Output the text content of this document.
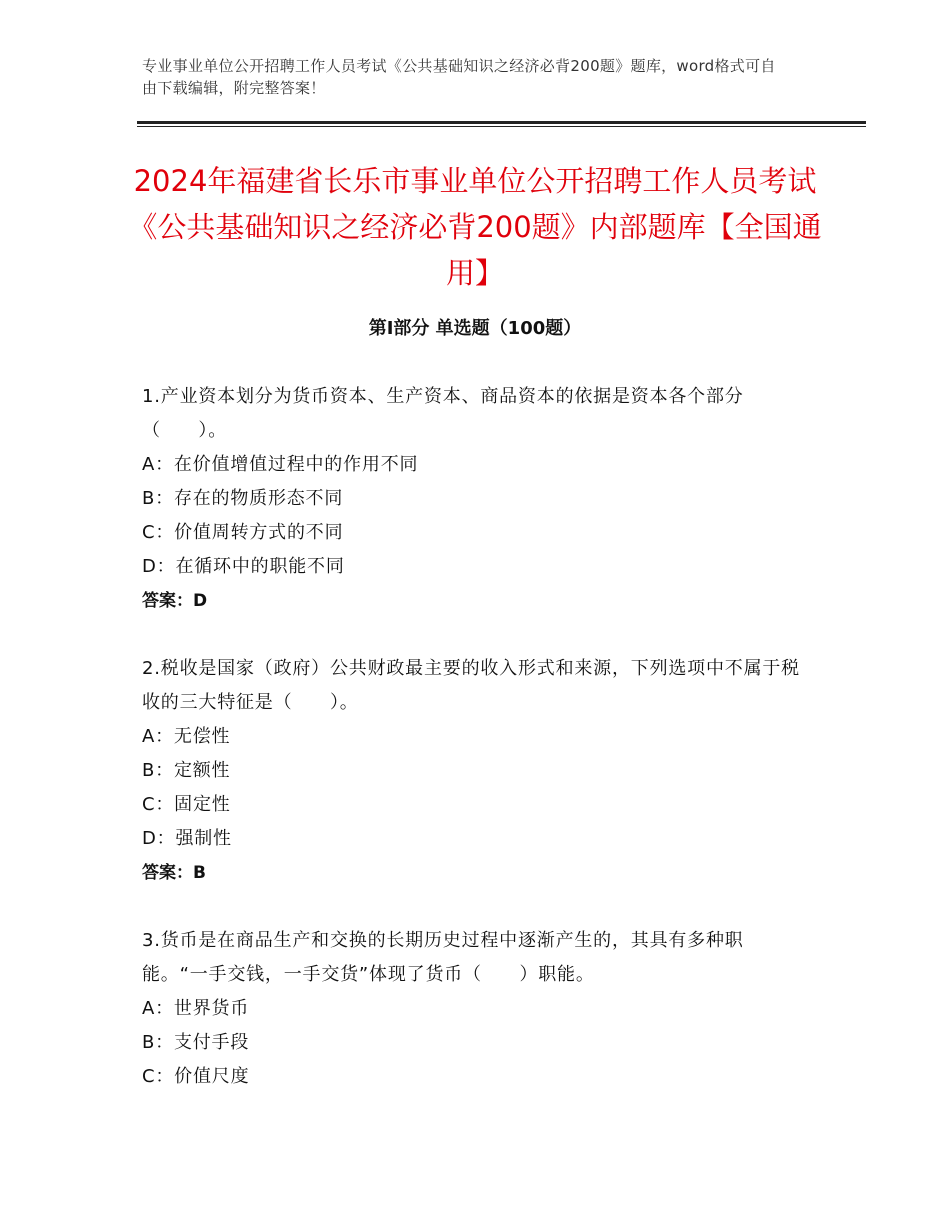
专业事业单位公开招聘工作人员考试《公共基础知识之经济必背200题》题库，word格式可自由下载编辑，附完整答案！
2024年福建省长乐市事业单位公开招聘工作人员考试《公共基础知识之经济必背200题》内部题库【全国通用】
第Ⅰ部分 单选题（100题）
1.产业资本划分为货币资本、生产资本、商品资本的依据是资本各个部分（　　）。
A：在价值增值过程中的作用不同
B：存在的物质形态不同
C：价值周转方式的不同
D：在循环中的职能不同
答案：D
2.税收是国家（政府）公共财政最主要的收入形式和来源，下列选项中不属于税收的三大特征是（　　）。
A：无偿性
B：定额性
C：固定性
D：强制性
答案：B
3.货币是在商品生产和交换的长期历史过程中逐渐产生的，其具有多种职能。“一手交钱，一手交货”体现了货币（　　）职能。
A：世界货币
B：支付手段
C：价值尺度
